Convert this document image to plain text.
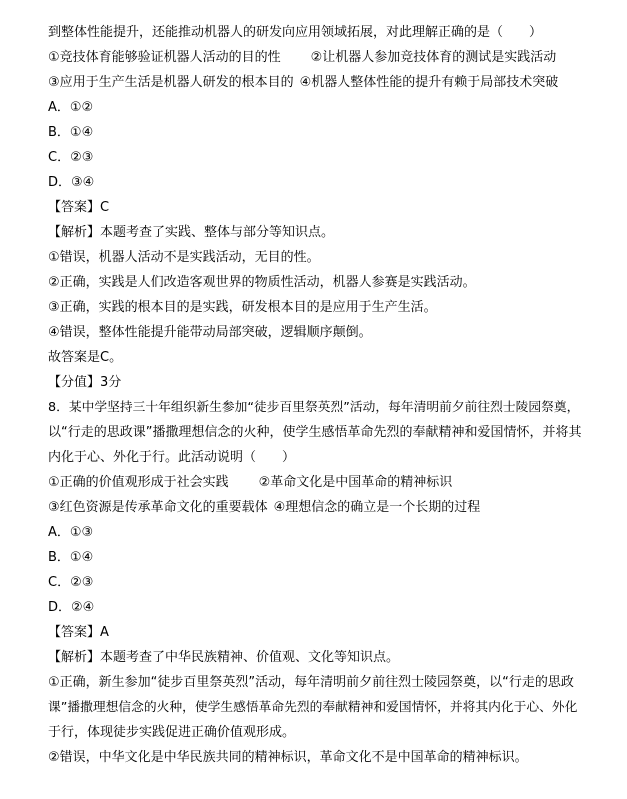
到整体性能提升，还能推动机器人的研发向应用领域拓展，对此理解正确的是（　　）
①竞技体育能够验证机器人活动的目的性 ②让机器人参加竞技体育的测试是实践活动
③应用于生产生活是机器人研发的根本目的 ④机器人整体性能的提升有赖于局部技术突破
A．①②
B．①④
C．②③
D．③④
【答案】C
【解析】本题考查了实践、整体与部分等知识点。
①错误，机器人活动不是实践活动，无目的性。
②正确，实践是人们改造客观世界的物质性活动，机器人参赛是实践活动。
③正确，实践的根本目的是实践，研发根本目的是应用于生产生活。
④错误，整体性能提升能带动局部突破，逻辑顺序颠倒。
故答案是C。
【分值】3分
8．某中学坚持三十年组织新生参加“徒步百里祭英烈”活动，每年清明前夕前往烈士陵园祭奠，
以“行走的思政课”播撒理想信念的火种，使学生感悟革命先烈的奉献精神和爱国情怀，并将其
内化于心、外化于行。此活动说明（　　）
①正确的价值观形成于社会实践 ②革命文化是中国革命的精神标识
③红色资源是传承革命文化的重要载体 ④理想信念的确立是一个长期的过程
A．①③
B．①④
C．②③
D．②④
【答案】A
【解析】本题考查了中华民族精神、价值观、文化等知识点。
①正确，新生参加“徒步百里祭英烈”活动，每年清明前夕前往烈士陵园祭奠，以“行走的思政
课”播撒理想信念的火种，使学生感悟革命先烈的奉献精神和爱国情怀，并将其内化于心、外化
于行，体现徒步实践促进正确价值观形成。
②错误，中华文化是中华民族共同的精神标识，革命文化不是中国革命的精神标识。
